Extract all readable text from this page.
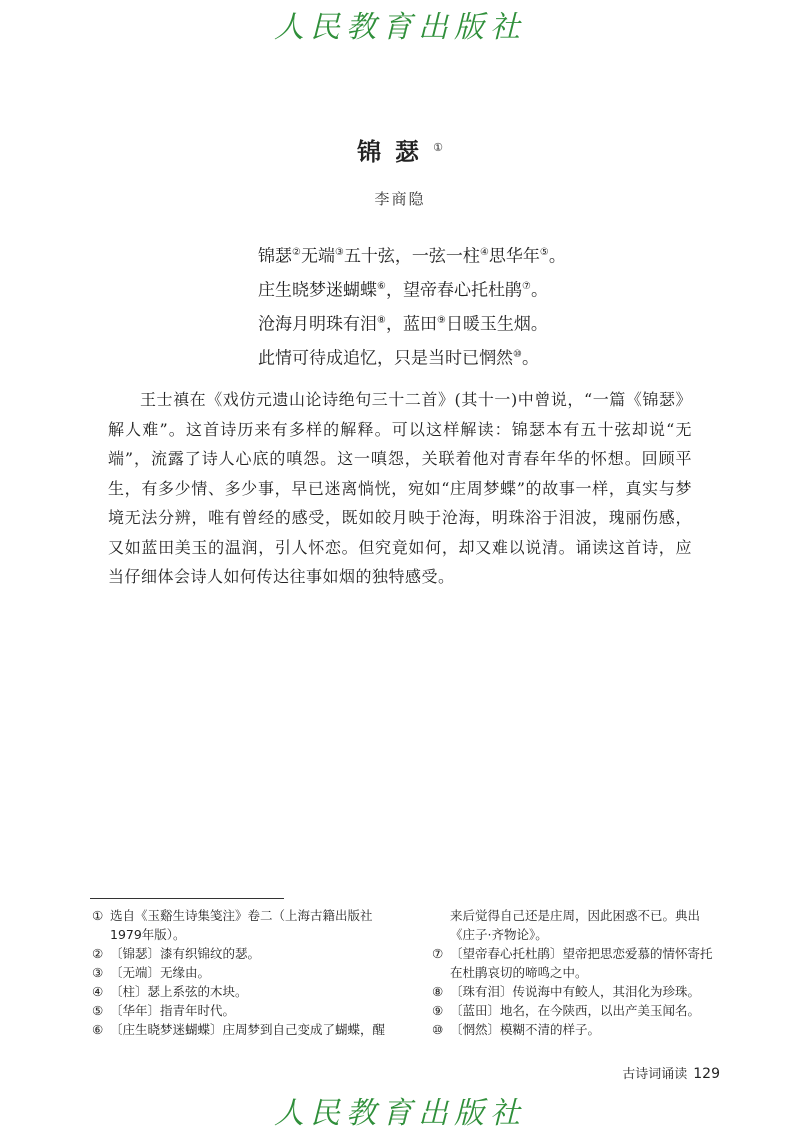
人民教育出版社
锦瑟①
李商隐
锦瑟②无端③五十弦，一弦一柱④思华年⑤。
庄生晓梦迷蝴蝶⑥，望帝春心托杜鹃⑦。
沧海月明珠有泪⑧，蓝田⑨日暖玉生烟。
此情可待成追忆，只是当时已惘然⑩。
王士禛在《戏仿元遗山论诗绝句三十二首》(其十一)中曾说，“一篇《锦瑟》解人难”。这首诗历来有多样的解释。可以这样解读：锦瑟本有五十弦却说“无端”，流露了诗人心底的嗔怨。这一嗔怨，关联着他对青春年华的怀想。回顾平生，有多少情、多少事，早已迷离惝恍，宛如“庄周梦蝶”的故事一样，真实与梦境无法分辨，唯有曾经的感受，既如皎月映于沧海，明珠浴于泪波，瑰丽伤感，又如蓝田美玉的温润，引人怀恋。但究竟如何，却又难以说清。诵读这首诗，应当仔细体会诗人如何传达往事如烟的独特感受。
① 选自《玉谿生诗集笺注》卷二（上海古籍出版社1979年版）。
② 〔锦瑟〕漆有织锦纹的瑟。
③ 〔无端〕无缘由。
④ 〔柱〕瑟上系弦的木块。
⑤ 〔华年〕指青年时代。
⑥ 〔庄生晓梦迷蝴蝶〕庄周梦到自己变成了蝴蝶，醒
来后觉得自己还是庄周，因此困惑不已。典出《庄子·齐物论》。
⑦ 〔望帝春心托杜鹃〕望帝把思恋爱慕的情怀寄托在杜鹃哀切的啼鸣之中。
⑧ 〔珠有泪〕传说海中有鲛人，其泪化为珍珠。
⑨ 〔蓝田〕地名，在今陕西，以出产美玉闻名。
⑩ 〔惘然〕模糊不清的样子。
古诗词诵读 129
人民教育出版社
